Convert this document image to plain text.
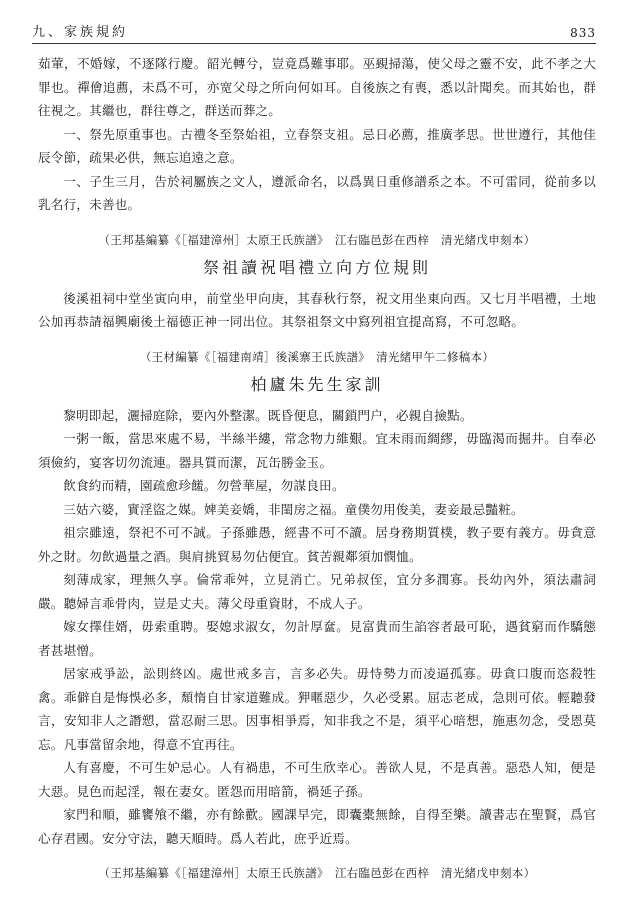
九、家族規約	833

茹葷，不婚嫁，不逐隊行慶。韶光轉兮，豈竟爲難事耶。巫覡掃蕩，使父母之靈不安，此不孝之大罪也。禪儈追薦，未爲不可，亦宽父母之所向何如耳。自後族之有喪，悉以計聞矣。而其始也，群往視之。其繼也，群往尊之，群送而葬之。

一、祭先原重事也。古禮冬至祭始祖，立春祭支祖。忌日必薦，推廣孝思。世世遵行，其他佳辰令節，疏果必供，無忘追遠之意。

一、子生三月，告於祠屬族之文人，遵派命名，以爲異日重修譜系之本。不可雷同，從前多以乳名行，未善也。

（王邦基編纂《［福建漳州］太原王氏族譜》　江右臨邑彭在西梓　清光緒戊申刻本）
祭祖讀祝唱禮立向方位規則

後溪祖祠中堂坐寅向申，前堂坐甲向庚，其春秋行祭，祝文用坐東向西。又七月半唱禮，土地公加再恭請福興廟後土福德正神一同出位。其祭祖祭文中寫列祖宜提高寫，不可忽略。

（王材編纂《［福建南靖］後溪寨王氏族譜》　清光緒甲午二修稿本）
柏廬朱先生家訓

黎明即起，灑掃庭除，要內外整潔。既昏便息，關鎖門户，必親自撿點。

一粥一飯，當思來處不易，半絲半縷，常念物力維艱。宜未雨而綢繆，毋臨渴而掘井。自奉必須儉約，宴客切勿流連。器具質而潔，瓦缶勝金玉。

飲食約而精，園疏愈珍饈。勿營華屋，勿謀良田。

三姑六婆，實淫盜之媒。婢美妾嬌，非閨房之福。童僕勿用俊美，妻妾最忌豔粧。

祖宗雖遠，祭祀不可不誠。子孫雖愚，經書不可不讀。居身務期質樸，教子要有義方。毋貪意外之財。勿飲過量之酒。與肩挑貿易勿佔便宜。貧苦親鄰須加憫恤。

刻薄成家，理無久享。倫常乖舛，立見消亡。兄弟叔侄，宜分多潤寡。長幼內外，須法肅詞嚴。聽婦言乖骨肉，豈是丈夫。薄父母重資財，不成人子。

嫁女擇佳婿，毋索重聘。娶媳求淑女，勿計厚奩。見富貴而生諂容者最可恥，遇貧窮而作驕態者甚堪憎。

居家戒爭訟，訟則終凶。處世戒多言，言多必失。毋恃勢力而凌逼孤寡。毋貪口腹而恣殺牲禽。乖僻自是悔悞必多，頹惰自甘家道難成。狎暱惡少，久必受累。屈志老成，急則可依。輕聽發言，安知非人之譖愬，當忍耐三思。因事相爭焉，知非我之不是，須平心暗想，施惠勿念，受恩莫忘。凡事當留余地，得意不宜再往。

人有喜慶，不可生妒忌心。人有禍患，不可生欣幸心。善欲人見，不是真善。惡恐人知，便是大惡。見色而起淫，報在妻女。匿怨而用暗箭，禍延子孫。

家門和順，雖饔飧不繼，亦有餘歡。國課早完，即囊橐無餘，自得至樂。讀書志在聖賢，爲官心存君國。安分守法，聽天順時。爲人若此，庶乎近焉。

（王邦基編纂《［福建漳州］太原王氏族譜》　江右臨邑彭在西梓　清光緒戊申刻本）
